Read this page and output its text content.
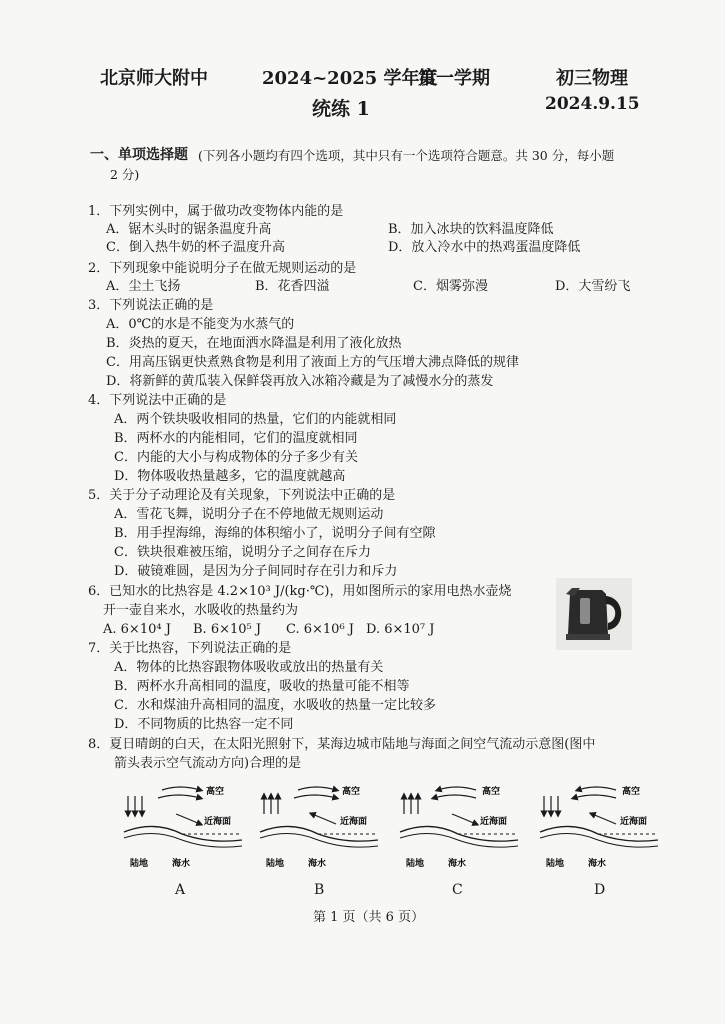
北京师大附中	2024~2025 学年度
第一学期	初三物理
统练 1	2024.9.15
一、单项选择题 (下列各小题均有四个选项，其中只有一个选项符合题意。共 30 分，每小题
2 分)
1．下列实例中，属于做功改变物体内能的是
A．锯木头时的锯条温度升高	B．加入冰块的饮料温度降低
C．倒入热牛奶的杯子温度升高	D．放入冷水中的热鸡蛋温度降低
2．下列现象中能说明分子在做无规则运动的是
A．尘土飞扬	B．花香四溢	C．烟雾弥漫	D．大雪纷飞
3．下列说法正确的是
A．0℃的水是不能变为水蒸气的
B．炎热的夏天，在地面洒水降温是利用了液化放热
C．用高压锅更快煮熟食物是利用了液面上方的气压增大沸点降低的规律
D．将新鲜的黄瓜装入保鲜袋再放入冰箱冷藏是为了减慢水分的蒸发
4．下列说法中正确的是
A．两个铁块吸收相同的热量，它们的内能就相同
B．两杯水的内能相同，它们的温度就相同
C．内能的大小与构成物体的分子多少有关
D．物体吸收热量越多，它的温度就越高
5．关于分子动理论及有关现象，下列说法中正确的是
A．雪花飞舞，说明分子在不停地做无规则运动
B．用手捏海绵，海绵的体积缩小了，说明分子间有空隙
C．铁块很难被压缩，说明分子之间存在斥力
D．破镜难圆，是因为分子间同时存在引力和斥力
6．已知水的比热容是 4.2×10³ J/(kg·℃)，用如图所示的家用电热水壶烧
开一壶自来水，水吸收的热量约为
A. 6×10⁴ J B. 6×10⁵ J C. 6×10⁶ J D. 6×10⁷ J
7．关于比热容，下列说法正确的是
A．物体的比热容跟物体吸收或放出的热量有关
B．两杯水升高相同的温度，吸收的热量可能不相等
C．水和煤油升高相同的温度，水吸收的热量一定比较多
D．不同物质的比热容一定不同
8．夏日晴朗的白天，在太阳光照射下，某海边城市陆地与海面之间空气流动示意图(图中
箭头表示空气流动方向)合理的是
高空
近海面
陆地	海水
高空
近海面
陆地	海水
高空
近海面
陆地	海水
高空
近海面
陆地	海水
A	B	C	D
第 1 页（共 6 页）
